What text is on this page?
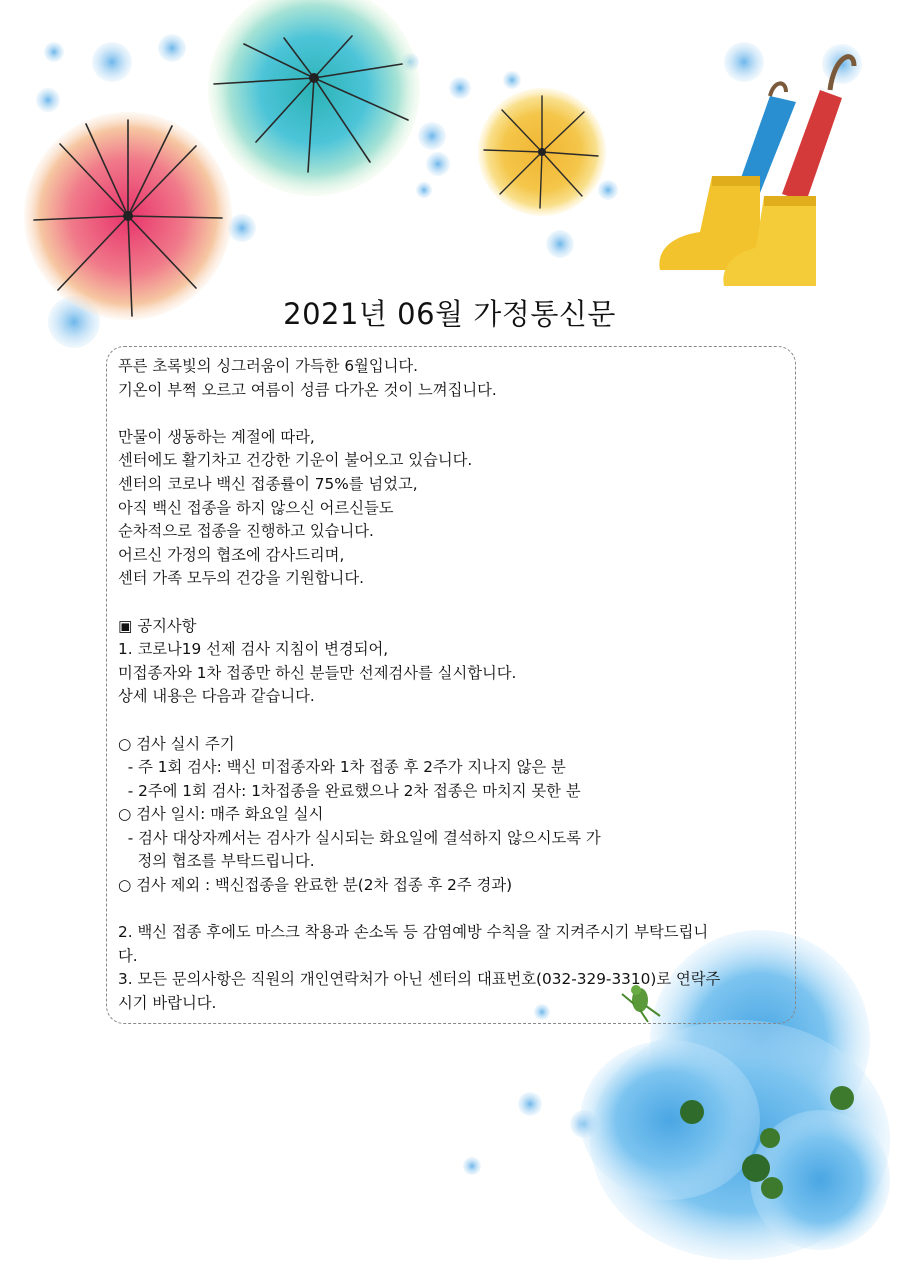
2021년 06월 가정통신문
푸른 초록빛의 싱그러움이 가득한 6월입니다.
기온이 부쩍 오르고 여름이 성큼 다가온 것이 느껴집니다.
만물이 생동하는 계절에 따라,
센터에도 활기차고 건강한 기운이 불어오고 있습니다.
센터의 코로나 백신 접종률이 75%를 넘었고,
아직 백신 접종을 하지 않으신 어르신들도
순차적으로 접종을 진행하고 있습니다.
어르신 가정의 협조에 감사드리며,
센터 가족 모두의 건강을 기원합니다.
▣ 공지사항
1. 코로나19 선제 검사 지침이 변경되어,
미접종자와 1차 접종만 하신 분들만 선제검사를 실시합니다.
상세 내용은 다음과 같습니다.
○ 검사 실시 주기
- 주 1회 검사: 백신 미접종자와 1차 접종 후 2주가 지나지 않은 분
- 2주에 1회 검사: 1차접종을 완료했으나 2차 접종은 마치지 못한 분
○ 검사 일시: 매주 화요일 실시
- 검사 대상자께서는 검사가 실시되는 화요일에 결석하지 않으시도록 가
정의 협조를 부탁드립니다.
○ 검사 제외 : 백신접종을 완료한 분(2차 접종 후 2주 경과)
2. 백신 접종 후에도 마스크 착용과 손소독 등 감염예방 수칙을 잘 지켜주시기 부탁드립니
다.
3. 모든 문의사항은 직원의 개인연락처가 아닌 센터의 대표번호(032-329-3310)로 연락주
시기 바랍니다.
